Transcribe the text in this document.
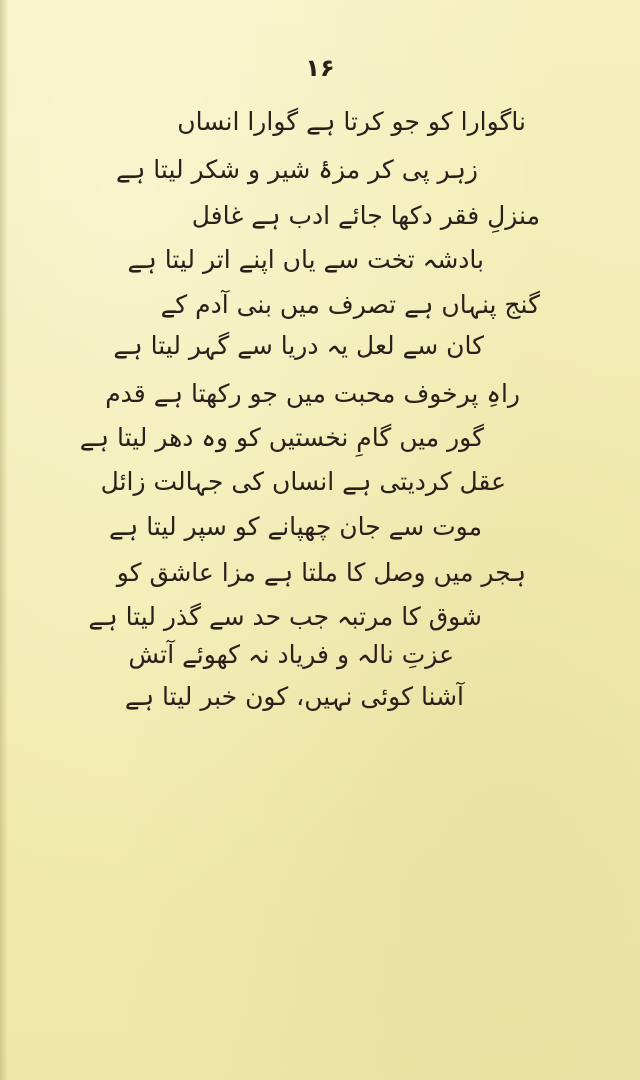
۱۶
ناگوارا کو جو کرتا ہے گوارا انساں
زہر پی کر مزۂ شیر و شکر لیتا ہے
منزلِ فقر دکھا جائے ادب ہے غافل
بادشہ تخت سے یاں اپنے اتر لیتا ہے
گنج پنہاں ہے تصرف میں بنی آدم کے
کان سے لعل یہ دریا سے گہر لیتا ہے
راہِ پرخوف محبت میں جو رکھتا ہے قدم
گور میں گامِ نخستیں کو وہ دھر لیتا ہے
عقل کردیتی ہے انساں کی جہالت زائل
موت سے جان چھپانے کو سپر لیتا ہے
ہجر میں وصل کا ملتا ہے مزا عاشق کو
شوق کا مرتبہ جب حد سے گذر لیتا ہے
عزتِ نالہ و فریاد نہ کھوئے آتش
آشنا کوئی نہیں، کون خبر لیتا ہے
